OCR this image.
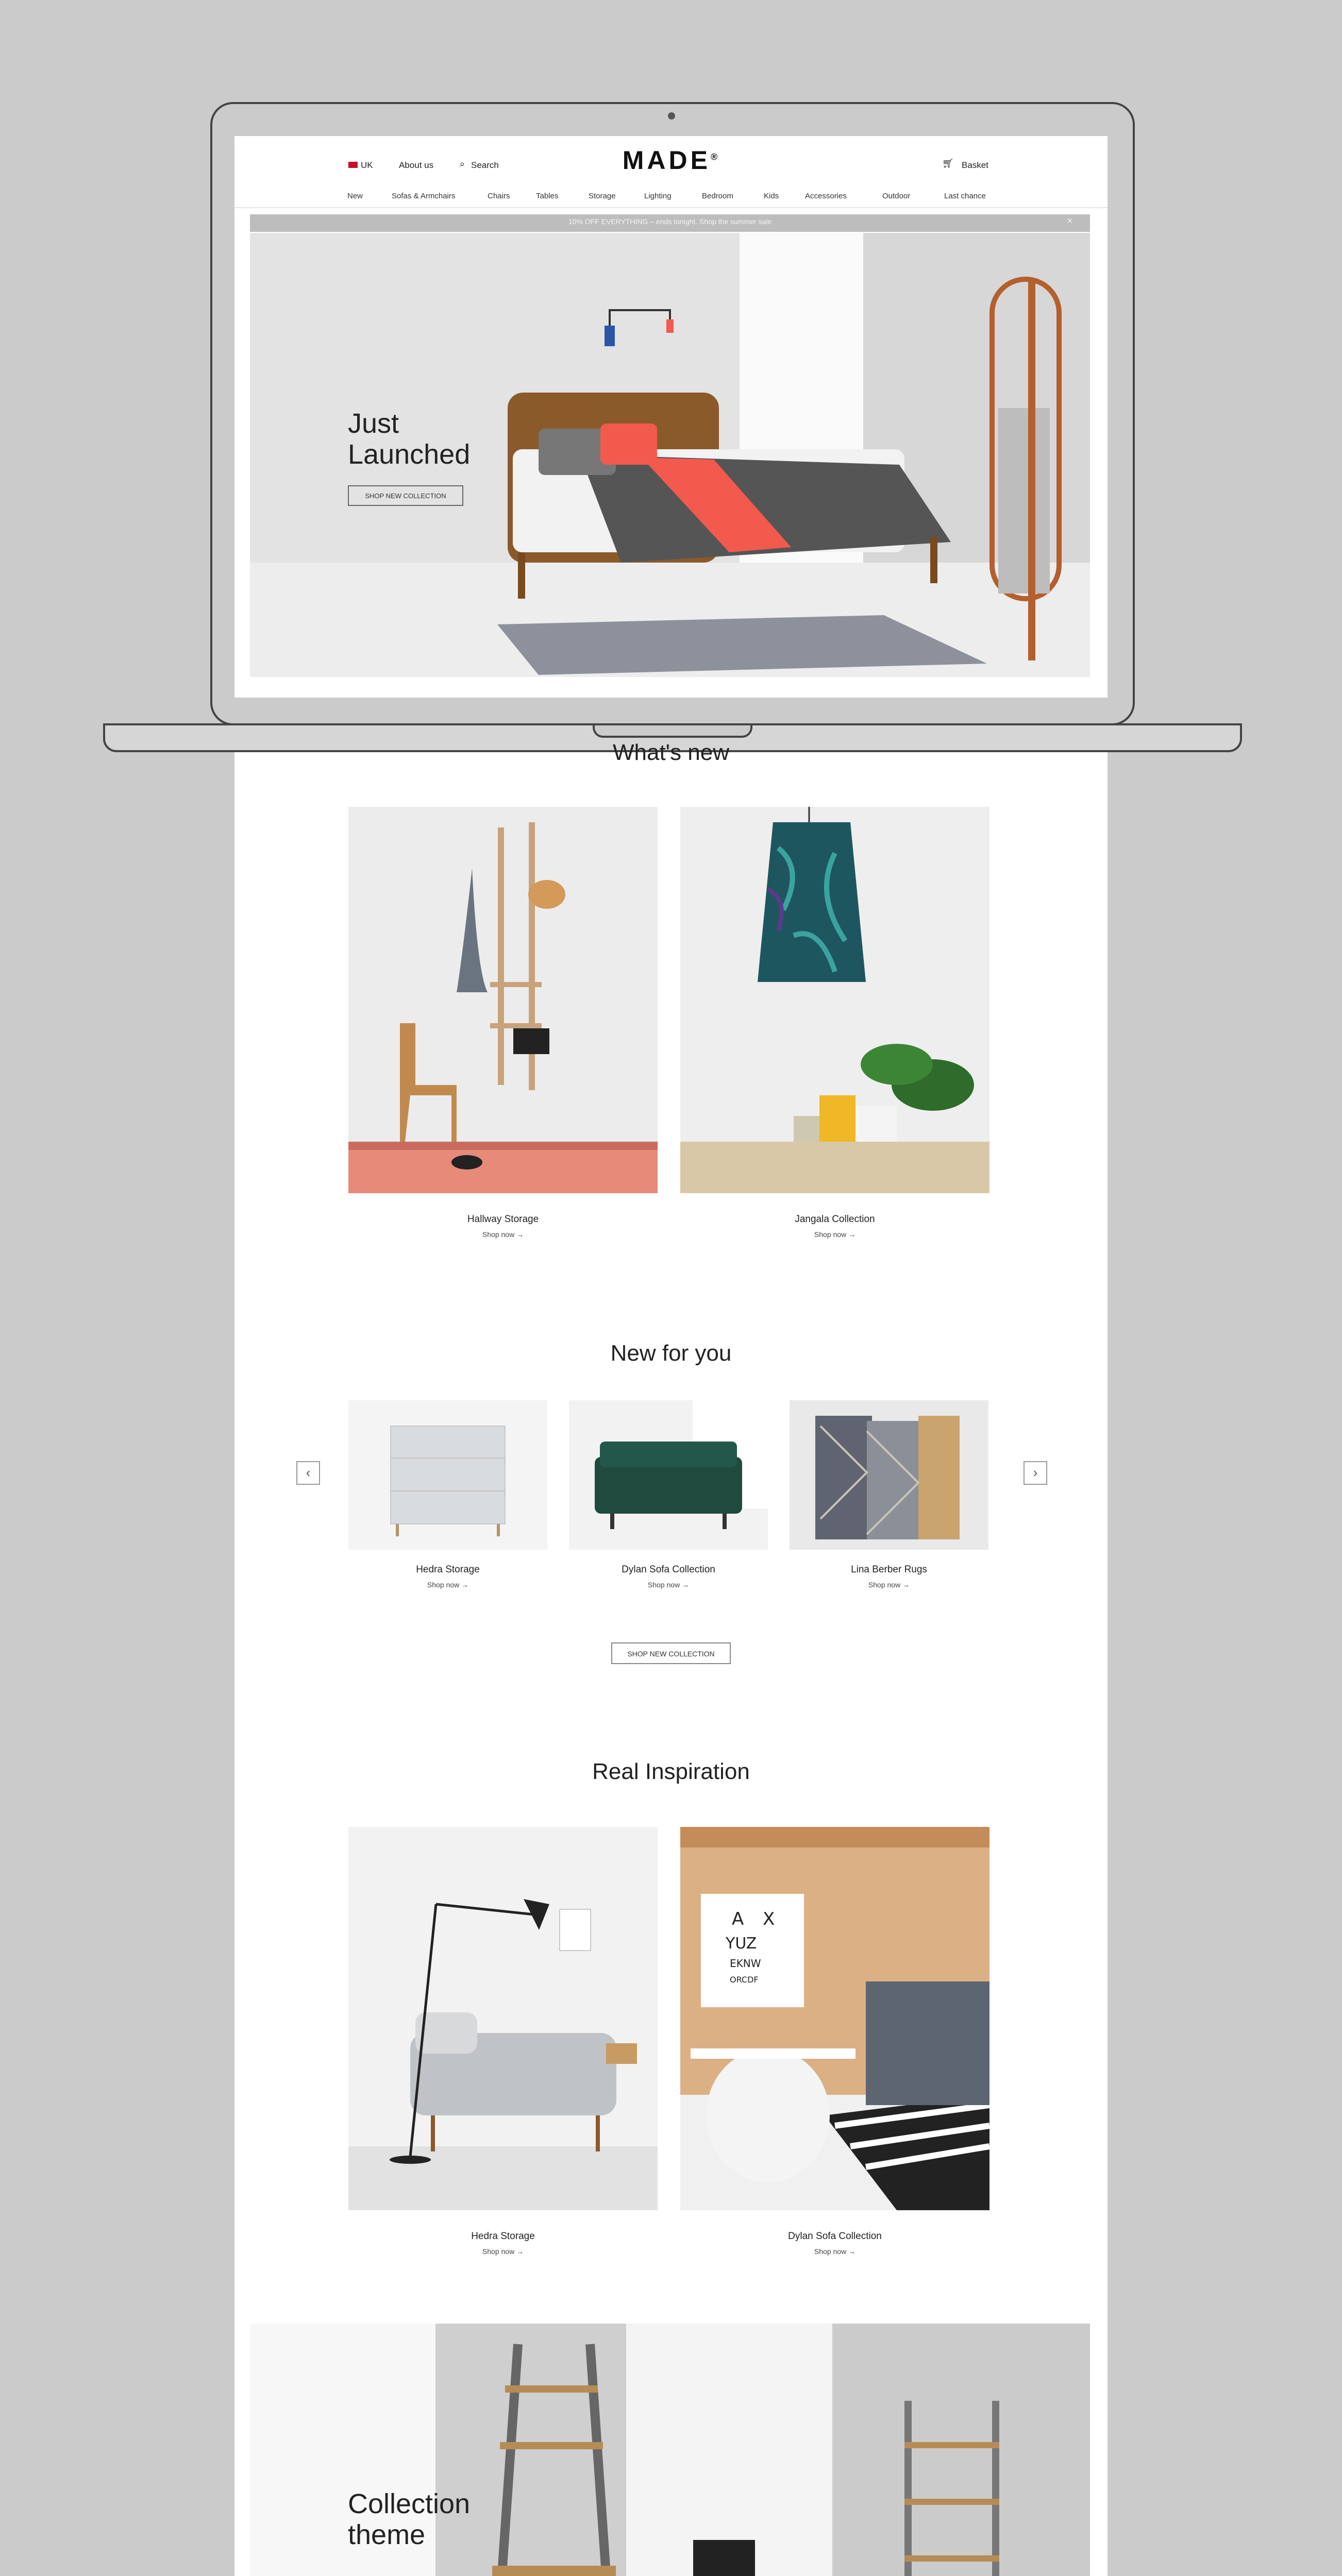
UK	About us	⌕ Search	MADE®
🛒︎ Basket
New	Sofas & Armchairs	Chairs	Tables	Storage	Lighting	Bedroom	Kids	Accessories	Outdoor	Last chance
10% OFF EVERYTHING – ends tonight. Shop the summer sale	×
Just
Launched
SHOP NEW COLLECTION
What's new
Hallway Storage
Shop now →
Jangala Collection
Shop now →
New for you
‹	›
Hedra Storage
Shop now →
Dylan Sofa Collection
Shop now →
Lina Berber Rugs
Shop now →
SHOP NEW COLLECTION
Real Inspiration
A X
YUZ
EKNW
ORCDF
Hedra Storage
Shop now →
Dylan Sofa Collection
Shop now →
Collection
theme
